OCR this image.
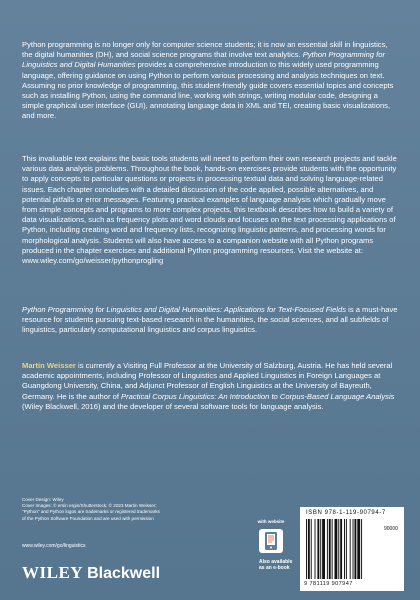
Python programming is no longer only for computer science students; it is now an essential skill in linguistics, the digital humanities (DH), and social science programs that involve text analytics. Python Programming for Linguistics and Digital Humanities provides a comprehensive introduction to this widely used programming language, offering guidance on using Python to perform various processing and analysis techniques on text. Assuming no prior knowledge of programming, this student-friendly guide covers essential topics and concepts such as installing Python, using the command line, working with strings, writing modular code, designing a simple graphical user interface (GUI), annotating language data in XML and TEI, creating basic visualizations, and more.

This invaluable text explains the basic tools students will need to perform their own research projects and tackle various data analysis problems. Throughout the book, hands-on exercises provide students with the opportunity to apply concepts to particular questions or projects in processing textual data and solving language-related issues. Each chapter concludes with a detailed discussion of the code applied, possible alternatives, and potential pitfalls or error messages. Featuring practical examples of language analysis which gradually move from simple concepts and programs to more complex projects, this textbook describes how to build a variety of data visualizations, such as frequency plots and word clouds and focuses on the text processing applications of Python, including creating word and frequency lists, recognizing linguistic patterns, and processing words for morphological analysis. Students will also have access to a companion website with all Python programs produced in the chapter exercises and additional Python programming resources. Visit the website at: www.wiley.com/go/weisser/pythonprogling

Python Programming for Linguistics and Digital Humanities: Applications for Text-Focused Fields is a must-have resource for students pursuing text-based research in the humanities, the social sciences, and all subfields of linguistics, particularly computational linguistics and corpus linguistics.

Martin Weisser is currently a Visiting Full Professor at the University of Salzburg, Austria. He has held several academic appointments, including Professor of Linguistics and Applied Linguistics in Foreign Languages at Guangdong University, China, and Adjunct Professor of English Linguistics at the University of Bayreuth, Germany. He is the author of Practical Corpus Linguistics: An Introduction to Corpus-Based Language Analysis (Wiley Blackwell, 2016) and the developer of several software tools for language analysis.

Cover Design: Wiley
Cover Images: © ersin ergin/Shutterstock; © 2023 Martin Weisser;
"Python" and Python logos are trademarks or registered trademarks
of the Python Software Foundation and are used with permission
www.wiley.com/go/linguistics
WILEY Blackwell
with website
Also available
as an e-book
ISBN 978-1-119-90794-7
90000
9 781119 907947
